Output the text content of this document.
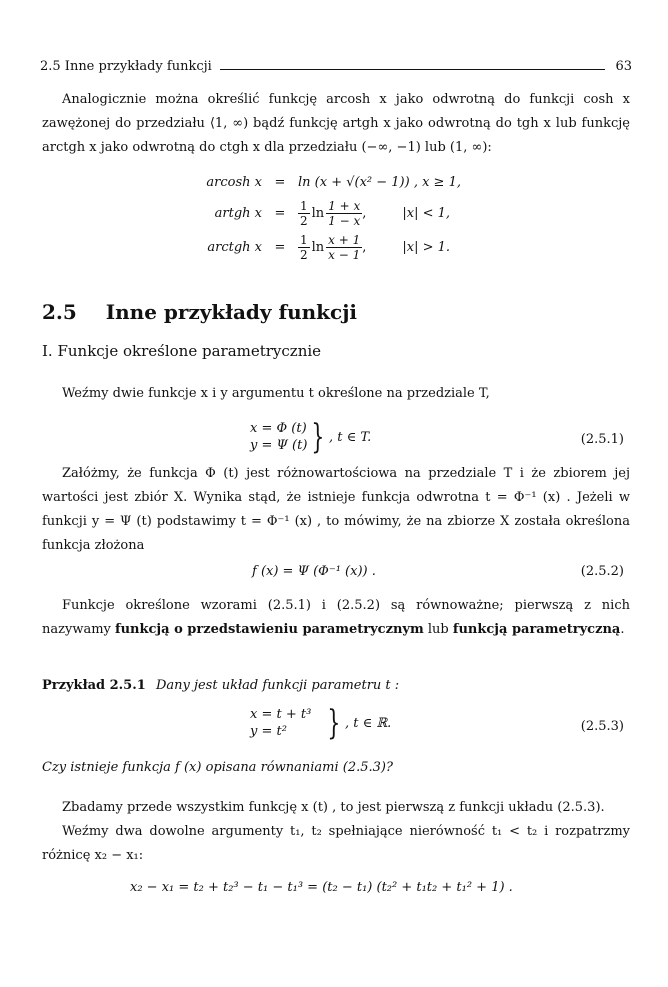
2.5 Inne przykłady funkcji	63
Analogicznie można określić funkcję arcosh x jako odwrotną do funkcji cosh x zawężonej do przedziału ⟨1, ∞) bądź funkcję artgh x jako odwrotną do tgh x lub funkcję arctgh x jako odwrotną do ctgh x dla przedziału (−∞, −1) lub (1, ∞):
arcosh x = ln (x + √(x² − 1)) , x ≥ 1,
artgh x =	$\frac{1}{2}$ $\ln \frac{1 + x}{1 - x}$ ,	|x| < 1,
arctgh x =	$\frac{1}{2}$ $\ln \frac{x + 1}{x - 1}$ ,	|x| > 1.
2.5 Inne przykłady funkcji
I. Funkcje określone parametrycznie
Weźmy dwie funkcje x i y argumentu t określone na przedziale T,
x = Φ (t)
y = Ψ (t) } , t ∈ T.	(2.5.1)
Załóżmy, że funkcja Φ (t) jest różnowartościowa na przedziale T i że zbiorem jej wartości jest zbiór X. Wynika stąd, że istnieje funkcja odwrotna t = Φ⁻¹ (x) . Jeżeli w funkcji y = Ψ (t) podstawimy t = Φ⁻¹ (x) , to mówimy, że na zbiorze X została określona funkcja złożona
f (x) = Ψ (Φ⁻¹ (x)) .	(2.5.2)
Funkcje określone wzorami (2.5.1) i (2.5.2) są równoważne; pierwszą z nich nazywamy funkcją o przedstawieniu parametrycznym lub funkcją parametryczną.
Przykład 2.5.1 Dany jest układ funkcji parametru t :
x = t + t³
y = t²	} , t ∈ ℝ.	(2.5.3)
Czy istnieje funkcja f (x) opisana równaniami (2.5.3)?
Zbadamy przede wszystkim funkcję x (t) , to jest pierwszą z funkcji układu (2.5.3).
Weźmy dwa dowolne argumenty t₁, t₂ spełniające nierówność t₁ < t₂ i rozpatrzmy różnicę x₂ − x₁:
x₂ − x₁ = t₂ + t₂³ − t₁ − t₁³ = (t₂ − t₁) (t₂² + t₁t₂ + t₁² + 1) .
